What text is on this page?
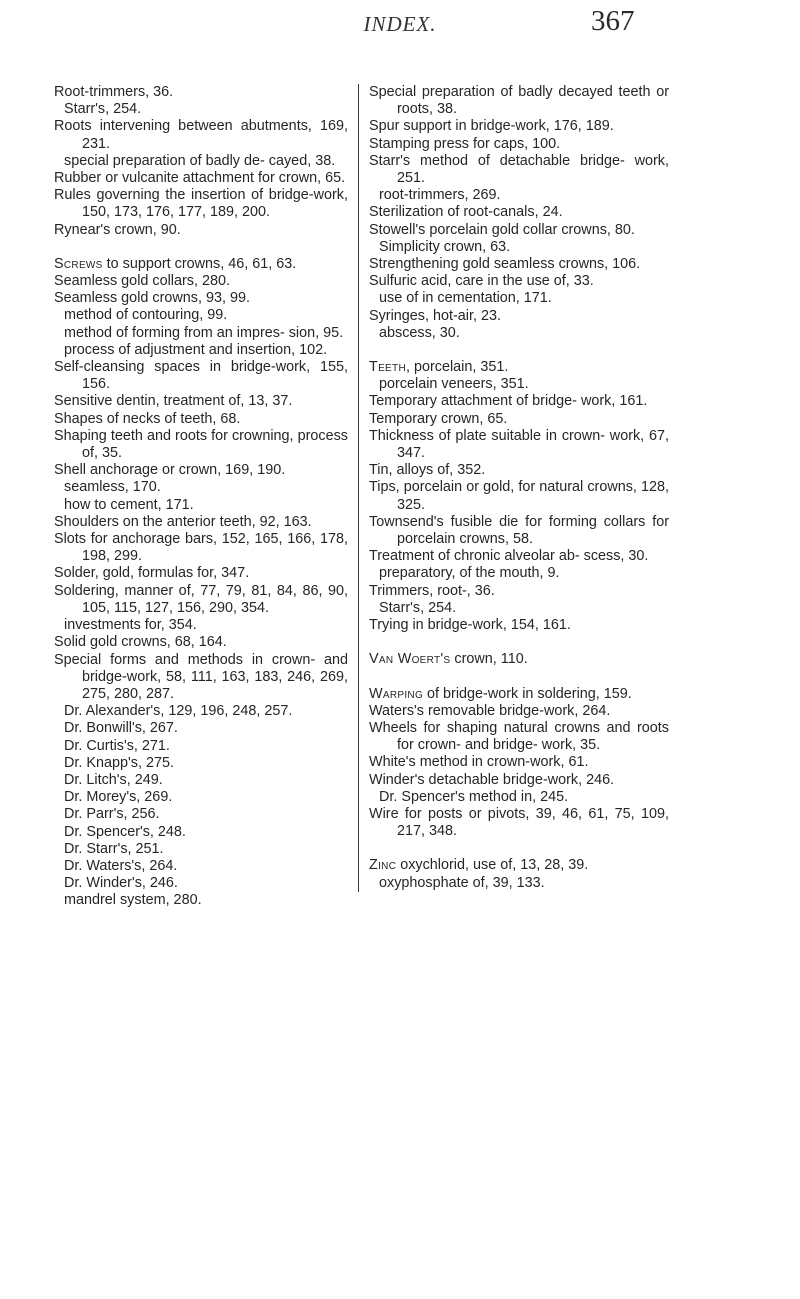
INDEX.	367

Root-trimmers, 36.

Starr's, 254.

Roots intervening between abutments, 169, 231.

special preparation of badly de- cayed, 38.

Rubber or vulcanite attachment for crown, 65.

Rules governing the insertion of bridge-work, 150, 173, 176, 177, 189, 200.

Rynear's crown, 90.

Screws to support crowns, 46, 61, 63.

Seamless gold collars, 280.

Seamless gold crowns, 93, 99.

method of contouring, 99.

method of forming from an impres- sion, 95.

process of adjustment and insertion, 102.

Self-cleansing spaces in bridge-work, 155, 156.

Sensitive dentin, treatment of, 13, 37.

Shapes of necks of teeth, 68.

Shaping teeth and roots for crowning, process of, 35.

Shell anchorage or crown, 169, 190.

seamless, 170.

how to cement, 171.

Shoulders on the anterior teeth, 92, 163.

Slots for anchorage bars, 152, 165, 166, 178, 198, 299.

Solder, gold, formulas for, 347.

Soldering, manner of, 77, 79, 81, 84, 86, 90, 105, 115, 127, 156, 290, 354.

investments for, 354.

Solid gold crowns, 68, 164.

Special forms and methods in crown- and bridge-work, 58, 111, 163, 183, 246, 269, 275, 280, 287.

Dr. Alexander's, 129, 196, 248, 257.

Dr. Bonwill's, 267.

Dr. Curtis's, 271.

Dr. Knapp's, 275.

Dr. Litch's, 249.

Dr. Morey's, 269.

Dr. Parr's, 256.

Dr. Spencer's, 248.

Dr. Starr's, 251.

Dr. Waters's, 264.

Dr. Winder's, 246.

mandrel system, 280.

Special preparation of badly decayed teeth or roots, 38.

Spur support in bridge-work, 176, 189.

Stamping press for caps, 100.

Starr's method of detachable bridge- work, 251.

root-trimmers, 269.

Sterilization of root-canals, 24.

Stowell's porcelain gold collar crowns, 80.

Simplicity crown, 63.

Strengthening gold seamless crowns, 106.

Sulfuric acid, care in the use of, 33.

use of in cementation, 171.

Syringes, hot-air, 23.

abscess, 30.

Teeth, porcelain, 351.

porcelain veneers, 351.

Temporary attachment of bridge- work, 161.

Temporary crown, 65.

Thickness of plate suitable in crown- work, 67, 347.

Tin, alloys of, 352.

Tips, porcelain or gold, for natural crowns, 128, 325.

Townsend's fusible die for forming collars for porcelain crowns, 58.

Treatment of chronic alveolar ab- scess, 30.

preparatory, of the mouth, 9.

Trimmers, root-, 36.

Starr's, 254.

Trying in bridge-work, 154, 161.

Van Woert's crown, 110.

Warping of bridge-work in soldering, 159.

Waters's removable bridge-work, 264.

Wheels for shaping natural crowns and roots for crown- and bridge- work, 35.

White's method in crown-work, 61.

Winder's detachable bridge-work, 246.

Dr. Spencer's method in, 245.

Wire for posts or pivots, 39, 46, 61, 75, 109, 217, 348.

Zinc oxychlorid, use of, 13, 28, 39.

oxyphosphate of, 39, 133.
